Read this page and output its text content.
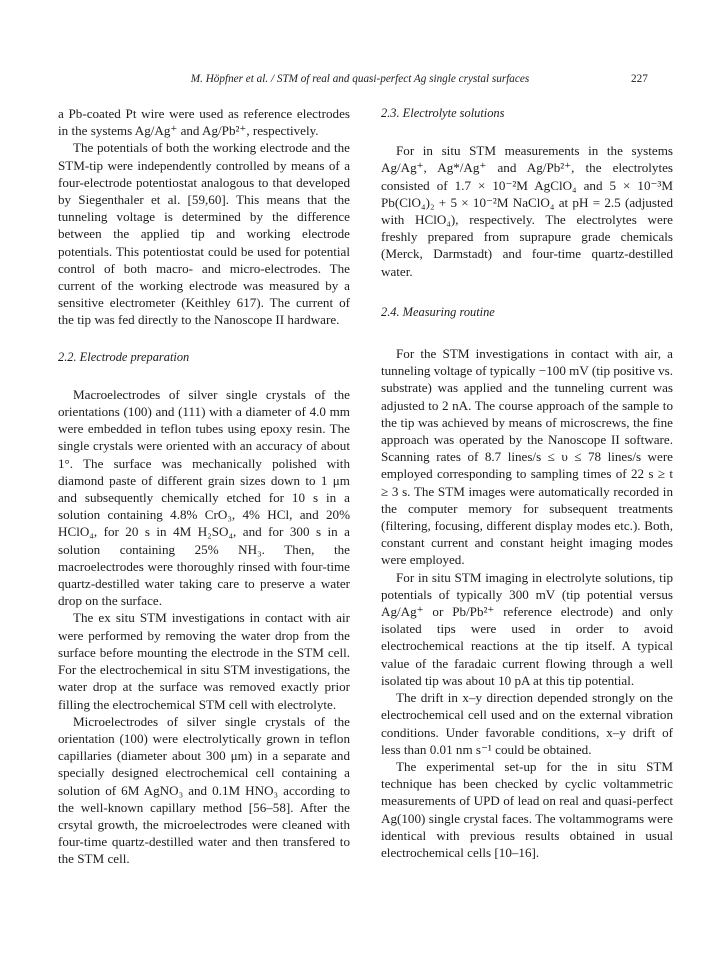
M. Höpfner et al. / STM of real and quasi-perfect Ag single crystal surfaces	227

a Pb-coated Pt wire were used as reference electrodes in the systems Ag/Ag⁺ and Ag/Pb²⁺, respectively.

The potentials of both the working electrode and the STM-tip were independently controlled by means of a four-electrode potentiostat analogous to that developed by Siegenthaler et al. [59,60]. This means that the tunneling voltage is determined by the difference between the applied tip and working electrode potentials. This potentiostat could be used for potential control of both macro- and micro-electrodes. The current of the working electrode was measured by a sensitive electrometer (Keithley 617). The current of the tip was fed directly to the Nanoscope II hardware.

2.2. Electrode preparation

Macroelectrodes of silver single crystals of the orientations (100) and (111) with a diameter of 4.0 mm were embedded in teflon tubes using epoxy resin. The single crystals were oriented with an accuracy of about 1°. The surface was mechanically polished with diamond paste of different grain sizes down to 1 μm and subsequently chemically etched for 10 s in a solution containing 4.8% CrO₃, 4% HCl, and 20% HClO₄, for 20 s in 4M H₂SO₄, and for 300 s in a solution containing 25% NH₃. Then, the macroelectrodes were thoroughly rinsed with four-time quartz-destilled water taking care to preserve a water drop on the surface.

The ex situ STM investigations in contact with air were performed by removing the water drop from the surface before mounting the electrode in the STM cell. For the electrochemical in situ STM investigations, the water drop at the surface was removed exactly prior filling the electrochemical STM cell with electrolyte.

Microelectrodes of silver single crystals of the orientation (100) were electrolytically grown in teflon capillaries (diameter about 300 μm) in a separate and specially designed electrochemical cell containing a solution of 6M AgNO₃ and 0.1M HNO₃ according to the well-known capillary method [56–58]. After the crsytal growth, the microelectrodes were cleaned with four-time quartz-destilled water and then transfered to the STM cell.

2.3. Electrolyte solutions

For in situ STM measurements in the systems Ag/Ag⁺, Ag*/Ag⁺ and Ag/Pb²⁺, the electrolytes consisted of 1.7 × 10⁻²M AgClO₄ and 5 × 10⁻³M Pb(ClO₄)₂ + 5 × 10⁻²M NaClO₄ at pH = 2.5 (adjusted with HClO₄), respectively. The electrolytes were freshly prepared from suprapure grade chemicals (Merck, Darmstadt) and four-time quartz-destilled water.

2.4. Measuring routine

For the STM investigations in contact with air, a tunneling voltage of typically −100 mV (tip positive vs. substrate) was applied and the tunneling current was adjusted to 2 nA. The course approach of the sample to the tip was achieved by means of microscrews, the fine approach was operated by the Nanoscope II software. Scanning rates of 8.7 lines/s ≤ υ ≤ 78 lines/s were employed corresponding to sampling times of 22 s ≥ t ≥ 3 s. The STM images were automatically recorded in the computer memory for subsequent treatments (filtering, focusing, different display modes etc.). Both, constant current and constant height imaging modes were employed.

For in situ STM imaging in electrolyte solutions, tip potentials of typically 300 mV (tip potential versus Ag/Ag⁺ or Pb/Pb²⁺ reference electrode) and only isolated tips were used in order to avoid electrochemical reactions at the tip itself. A typical value of the faradaic current flowing through a well isolated tip was about 10 pA at this tip potential.

The drift in x–y direction depended strongly on the electrochemical cell used and on the external vibration conditions. Under favorable conditions, x–y drift of less than 0.01 nm s⁻¹ could be obtained.

The experimental set-up for the in situ STM technique has been checked by cyclic voltammetric measurements of UPD of lead on real and quasi-perfect Ag(100) single crystal faces. The voltammograms were identical with previous results obtained in usual electrochemical cells [10–16].
